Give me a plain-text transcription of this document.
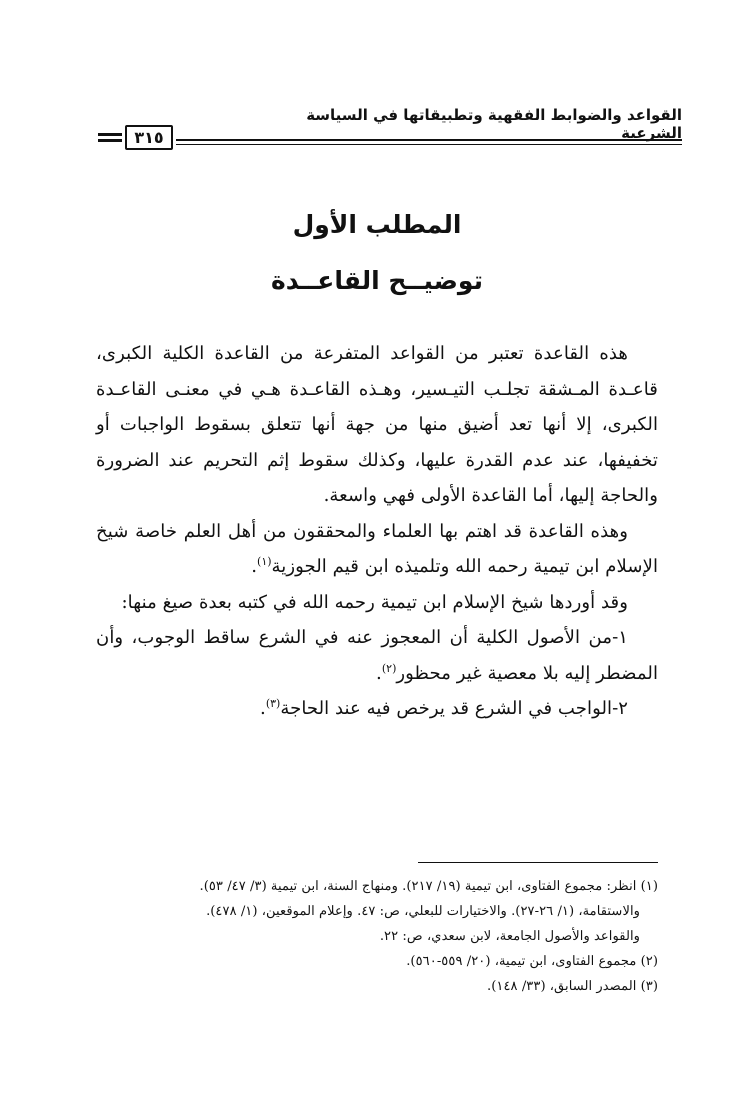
القواعد والضوابط الفقهية وتطبيقاتها في السياسة الشرعية
٣١٥
المطلب الأول
توضيــح القاعــدة

هذه القاعدة تعتبر من القواعد المتفرعة من القاعدة الكلية الكبرى، قاعـدة المـشقة تجلـب التيـسير، وهـذه القاعـدة هـي في معنـى القاعـدة الكبرى، إلا أنها تعد أضيق منها من جهة أنها تتعلق بسقوط الواجبات أو تخفيفها، عند عدم القدرة عليها، وكذلك سقوط إثم التحريم عند الضرورة والحاجة إليها، أما القاعدة الأولى فهي واسعة.

وهذه القاعدة قد اهتم بها العلماء والمحققون من أهل العلم خاصة شيخ الإسلام ابن تيمية رحمه الله وتلميذه ابن قيم الجوزية$^{(١)}$.

وقد أوردها شيخ الإسلام ابن تيمية رحمه الله في كتبه بعدة صيغ منها:

١-من الأصول الكلية أن المعجوز عنه في الشرع ساقط الوجوب، وأن المضطر إليه بلا معصية غير محظور$^{(٢)}$.

٢-الواجب في الشرع قد يرخص فيه عند الحاجة$^{(٣)}$.

(١) انظر: مجموع الفتاوى، ابن تيمية (١٩/ ٢١٧). ومنهاج السنة، ابن تيمية (٣/ ٤٧/ ٥٣).
والاستقامة، (١/ ٢٦-٢٧). والاختيارات للبعلي، ص: ٤٧. وإعلام الموقعين، (١/ ٤٧٨).
والقواعد والأصول الجامعة، لابن سعدي، ص: ٢٢.
(٢) مجموع الفتاوى، ابن تيمية، (٢٠/ ٥٥٩-٥٦٠).
(٣) المصدر السابق، (٣٣/ ١٤٨).
